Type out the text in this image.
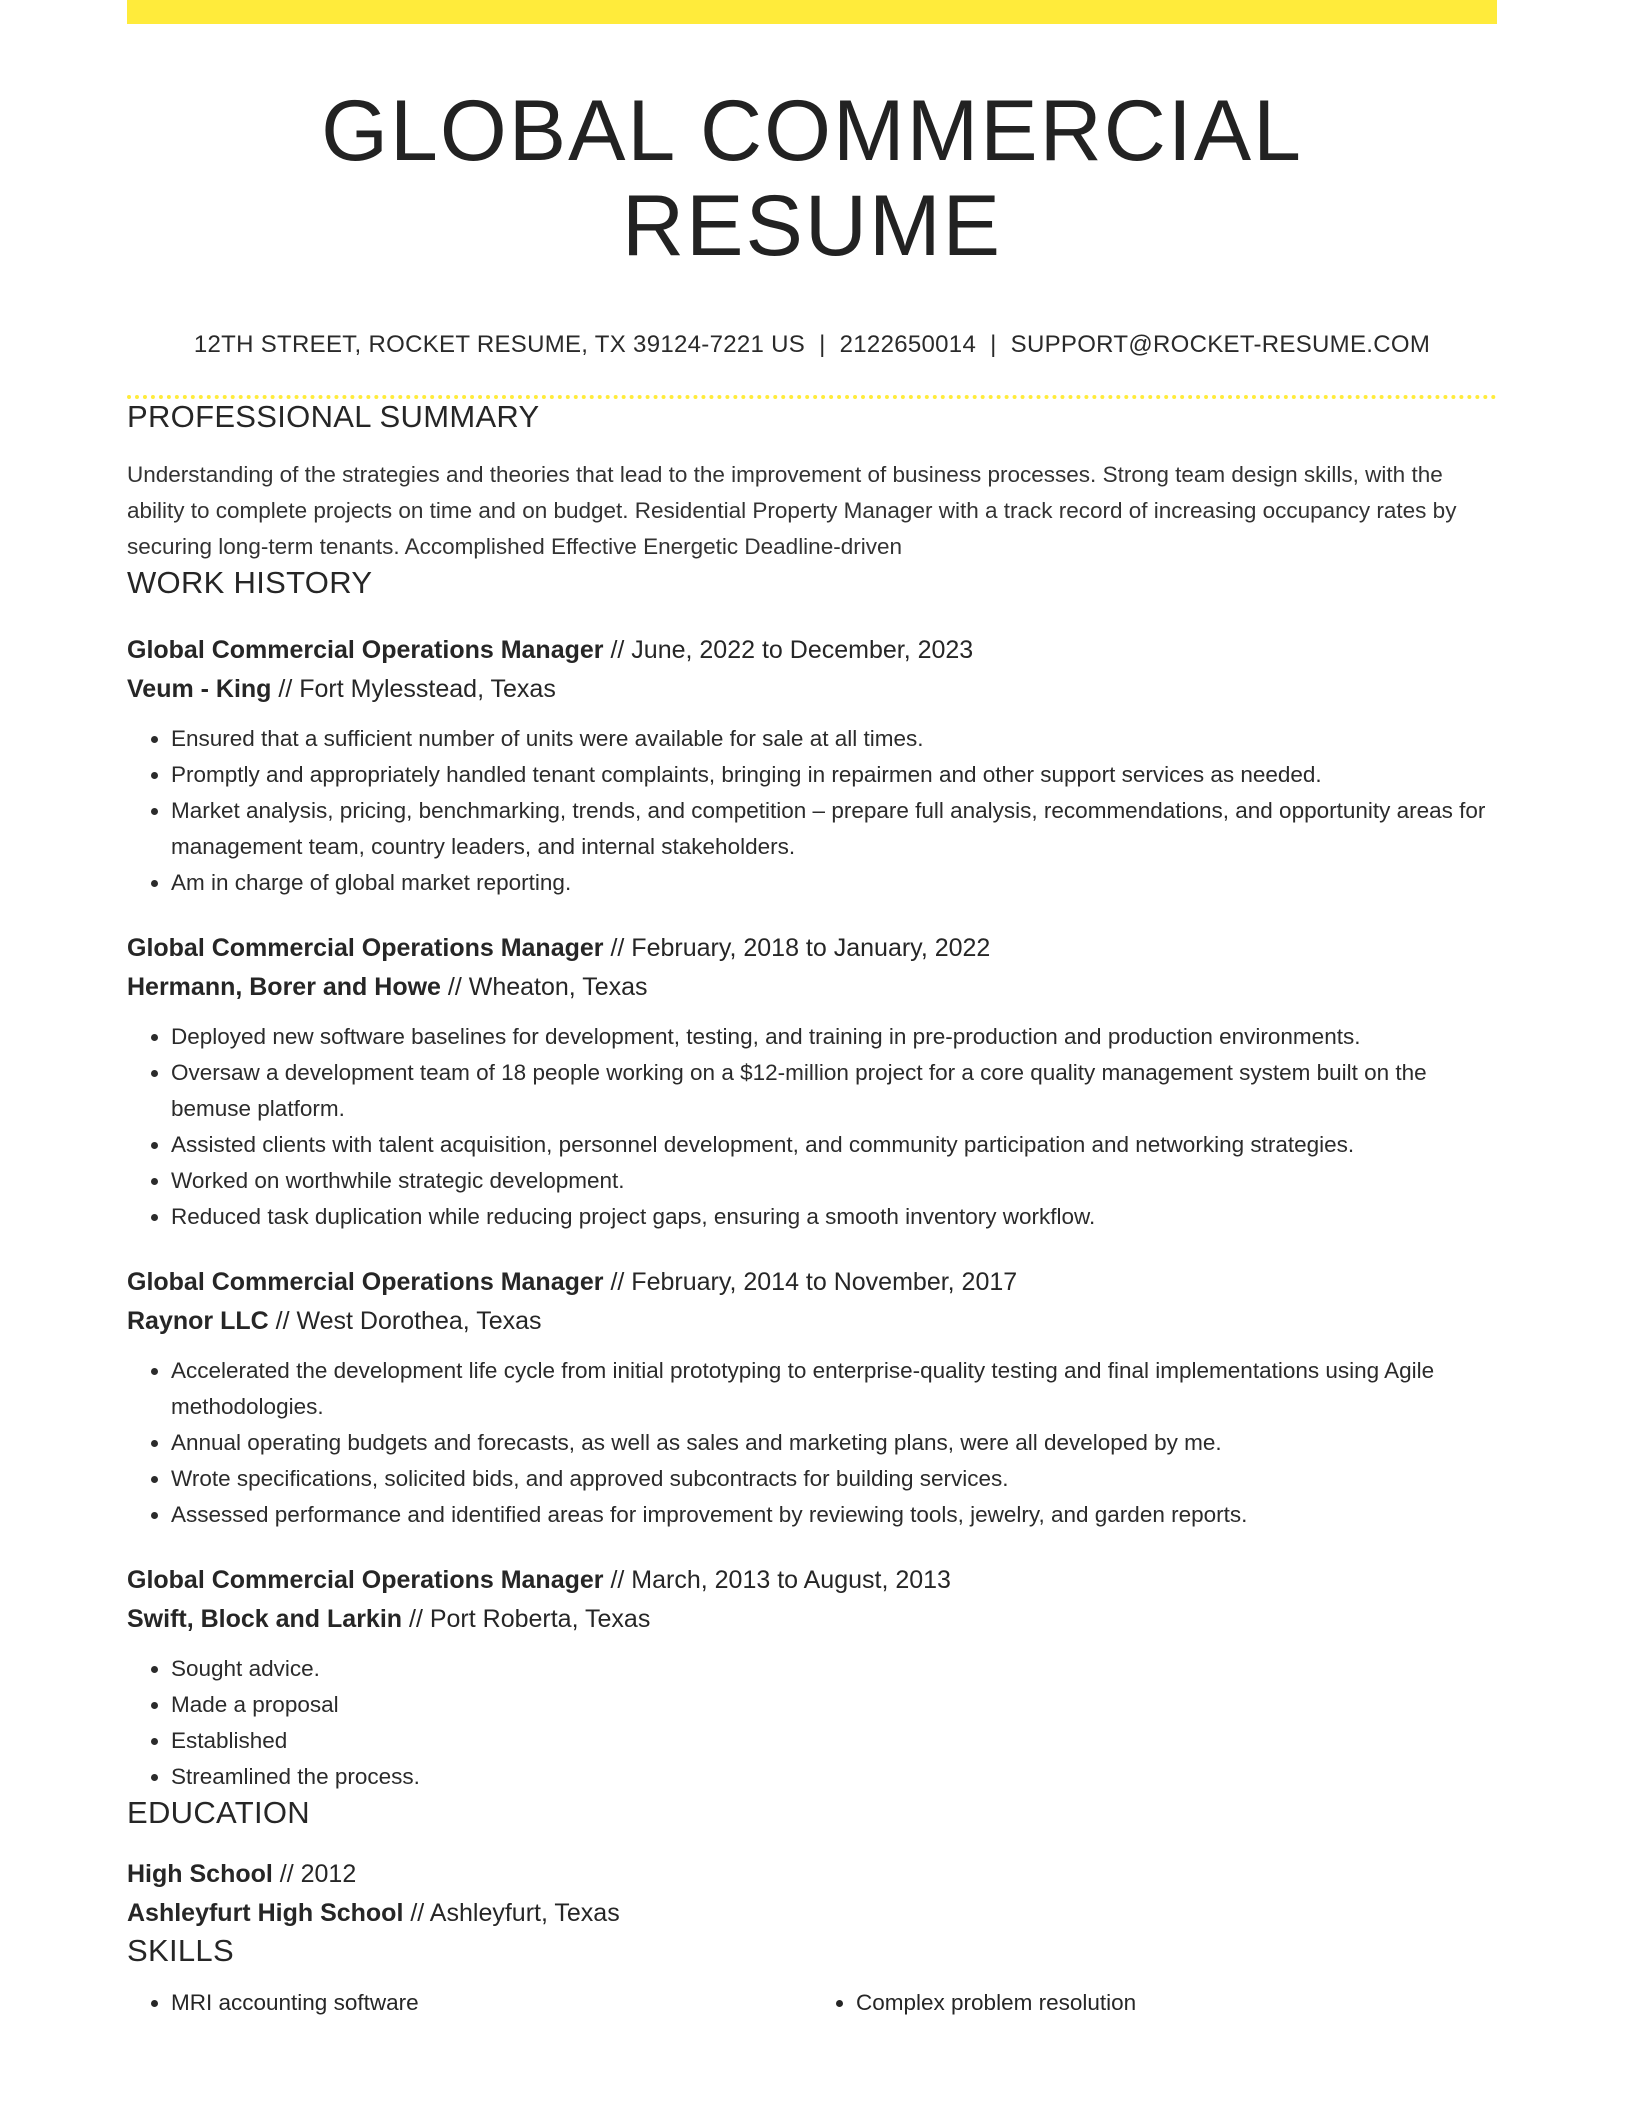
GLOBAL COMMERCIAL RESUME
12TH STREET, ROCKET RESUME, TX 39124-7221 US | 2122650014 | SUPPORT@ROCKET-RESUME.COM
PROFESSIONAL SUMMARY
Understanding of the strategies and theories that lead to the improvement of business processes. Strong team design skills, with the ability to complete projects on time and on budget. Residential Property Manager with a track record of increasing occupancy rates by securing long-term tenants. Accomplished Effective Energetic Deadline-driven
WORK HISTORY
Global Commercial Operations Manager // June, 2022 to December, 2023
Veum - King // Fort Mylesstead, Texas
• Ensured that a sufficient number of units were available for sale at all times.
• Promptly and appropriately handled tenant complaints, bringing in repairmen and other support services as needed.
• Market analysis, pricing, benchmarking, trends, and competition – prepare full analysis, recommendations, and opportunity areas for management team, country leaders, and internal stakeholders.
• Am in charge of global market reporting.
Global Commercial Operations Manager // February, 2018 to January, 2022
Hermann, Borer and Howe // Wheaton, Texas
• Deployed new software baselines for development, testing, and training in pre-production and production environments.
• Oversaw a development team of 18 people working on a $12-million project for a core quality management system built on the bemuse platform.
• Assisted clients with talent acquisition, personnel development, and community participation and networking strategies.
• Worked on worthwhile strategic development.
• Reduced task duplication while reducing project gaps, ensuring a smooth inventory workflow.
Global Commercial Operations Manager // February, 2014 to November, 2017
Raynor LLC // West Dorothea, Texas
• Accelerated the development life cycle from initial prototyping to enterprise-quality testing and final implementations using Agile methodologies.
• Annual operating budgets and forecasts, as well as sales and marketing plans, were all developed by me.
• Wrote specifications, solicited bids, and approved subcontracts for building services.
• Assessed performance and identified areas for improvement by reviewing tools, jewelry, and garden reports.
Global Commercial Operations Manager // March, 2013 to August, 2013
Swift, Block and Larkin // Port Roberta, Texas
• Sought advice.
• Made a proposal
• Established
• Streamlined the process.
EDUCATION
High School // 2012
Ashleyfurt High School // Ashleyfurt, Texas
SKILLS
• MRI accounting software
•	Complex problem resolution
